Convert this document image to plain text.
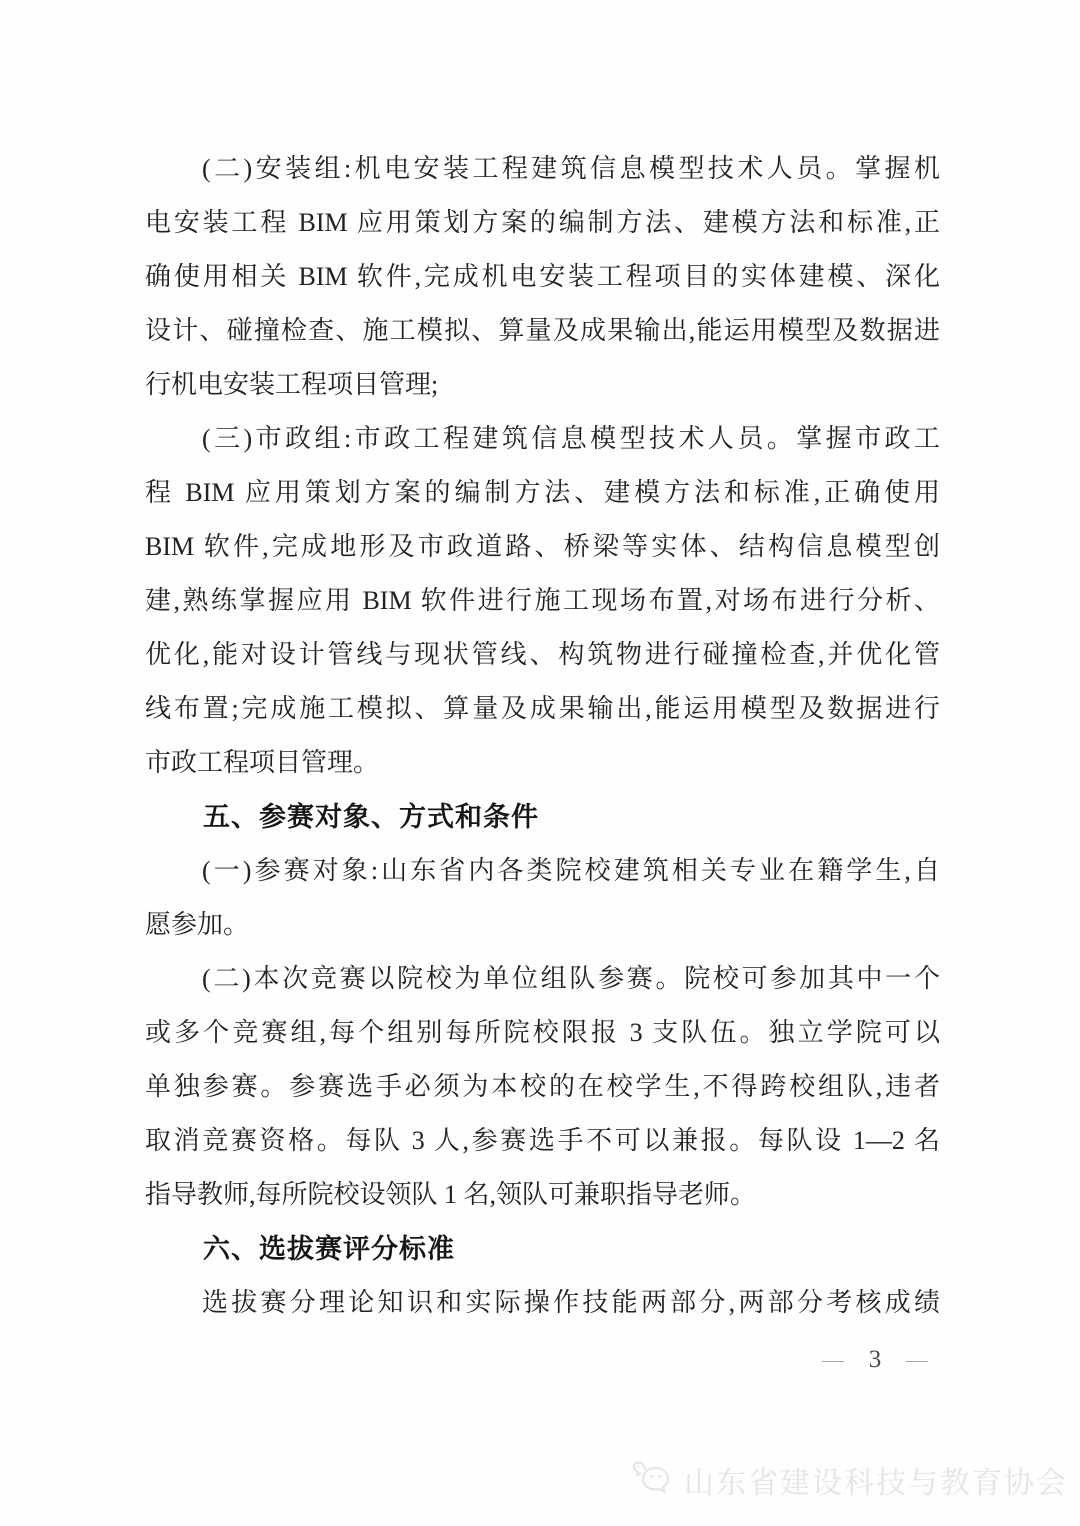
(二)安装组:机电安装工程建筑信息模型技术人员。掌握机
电安装工程 BIM 应用策划方案的编制方法、建模方法和标准,正
确使用相关 BIM 软件,完成机电安装工程项目的实体建模、深化
设计、碰撞检查、施工模拟、算量及成果输出,能运用模型及数据进
行机电安装工程项目管理;
(三)市政组:市政工程建筑信息模型技术人员。掌握市政工
程 BIM 应用策划方案的编制方法、建模方法和标准,正确使用
BIM 软件,完成地形及市政道路、桥梁等实体、结构信息模型创
建,熟练掌握应用 BIM 软件进行施工现场布置,对场布进行分析、
优化,能对设计管线与现状管线、构筑物进行碰撞检查,并优化管
线布置;完成施工模拟、算量及成果输出,能运用模型及数据进行
市政工程项目管理。
五、参赛对象、方式和条件
(一)参赛对象:山东省内各类院校建筑相关专业在籍学生,自
愿参加。
(二)本次竞赛以院校为单位组队参赛。院校可参加其中一个
或多个竞赛组,每个组别每所院校限报 3 支队伍。独立学院可以
单独参赛。参赛选手必须为本校的在校学生,不得跨校组队,违者
取消竞赛资格。每队 3 人,参赛选手不可以兼报。每队设 1—2 名
指导教师,每所院校设领队 1 名,领队可兼职指导老师。
六、选拔赛评分标准
选拔赛分理论知识和实际操作技能两部分,两部分考核成绩
— 3 —
山东省建设科技与教育协会
